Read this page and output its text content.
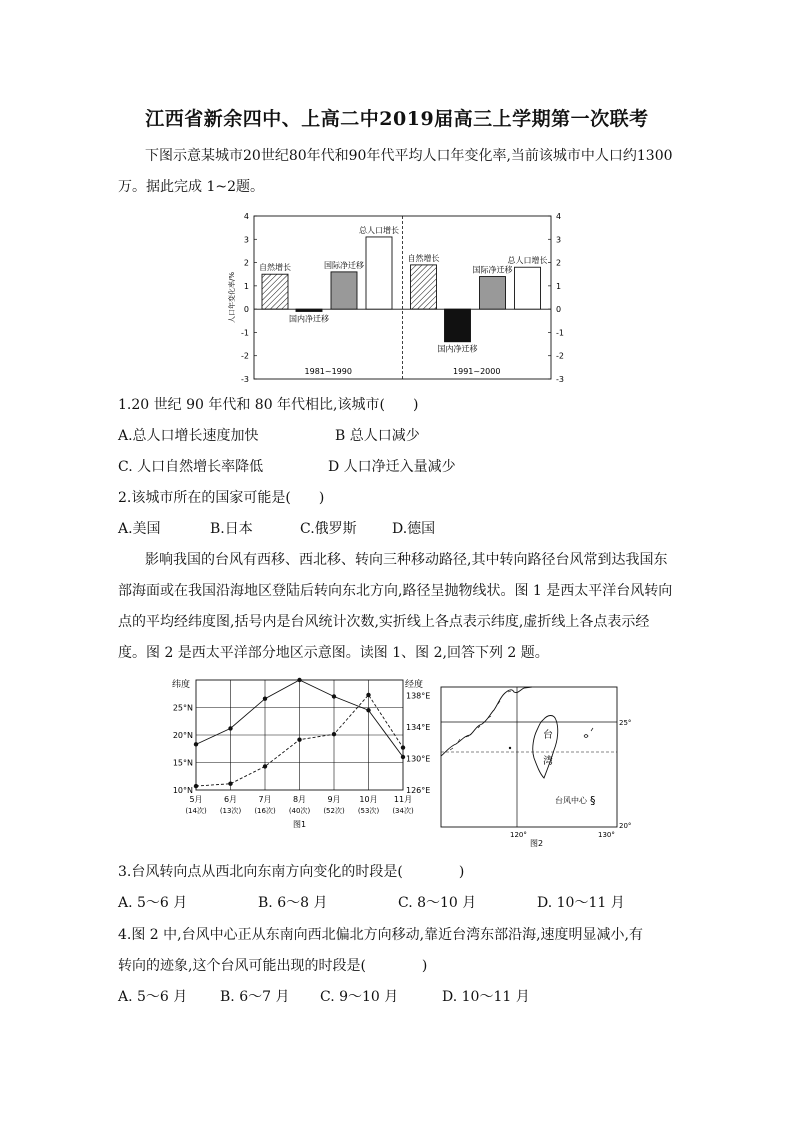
江西省新余四中、上高二中2019届高三上学期第一次联考
下图示意某城市20世纪80年代和90年代平均人口年变化率,当前该城市中人口约1300
万。据此完成 1~2题。
4	4
3	3
2	2
1	1
0	0
-1	-1
-2	-2
-3	-3
人口年变化率/%
自然增长
国内净迁移
国际净迁移
总人口增长
1981~1990
自然增长
国内净迁移
国际净迁移
总人口增长
1991~2000
1.20 世纪 90 年代和 80 年代相比,该城市(　　)
A.总人口增长速度加快	B 总人口减少
C. 人口自然增长率降低	D 人口净迁入量减少
2.该城市所在的国家可能是(　　)
A.美国	B.日本	C.俄罗斯	D.德国
影响我国的台风有西移、西北移、转向三种移动路径,其中转向路径台风常到达我国东
部海面或在我国沿海地区登陆后转向东北方向,路径呈抛物线状。图 1 是西太平洋台风转向
点的平均经纬度图,括号内是台风统计次数,实折线上各点表示纬度,虚折线上各点表示经
度。图 2 是西太平洋部分地区示意图。读图 1、图 2,回答下列 2 题。
纬度	经度
25°N
20°N
15°N
10°N
138°E
134°E
130°E
126°E
5月
(14次)
6月
(13次)
7月
(16次)
8月
(40次)
9月
(52次)
10月
(53次)
11月
(34次)
图1
台
湾
台风中心 §
25°
20°
120°	130°
图2
3.台风转向点从西北向东南方向变化的时段是(　　　　)
A. 5～6 月	B. 6～8 月	C. 8～10 月	D. 10～11 月
4.图 2 中,台风中心正从东南向西北偏北方向移动,靠近台湾东部沿海,速度明显减小,有
转向的迹象,这个台风可能出现的时段是(　　　　)
A. 5～6 月 B. 6～7 月 C. 9～10 月	D. 10～11 月
